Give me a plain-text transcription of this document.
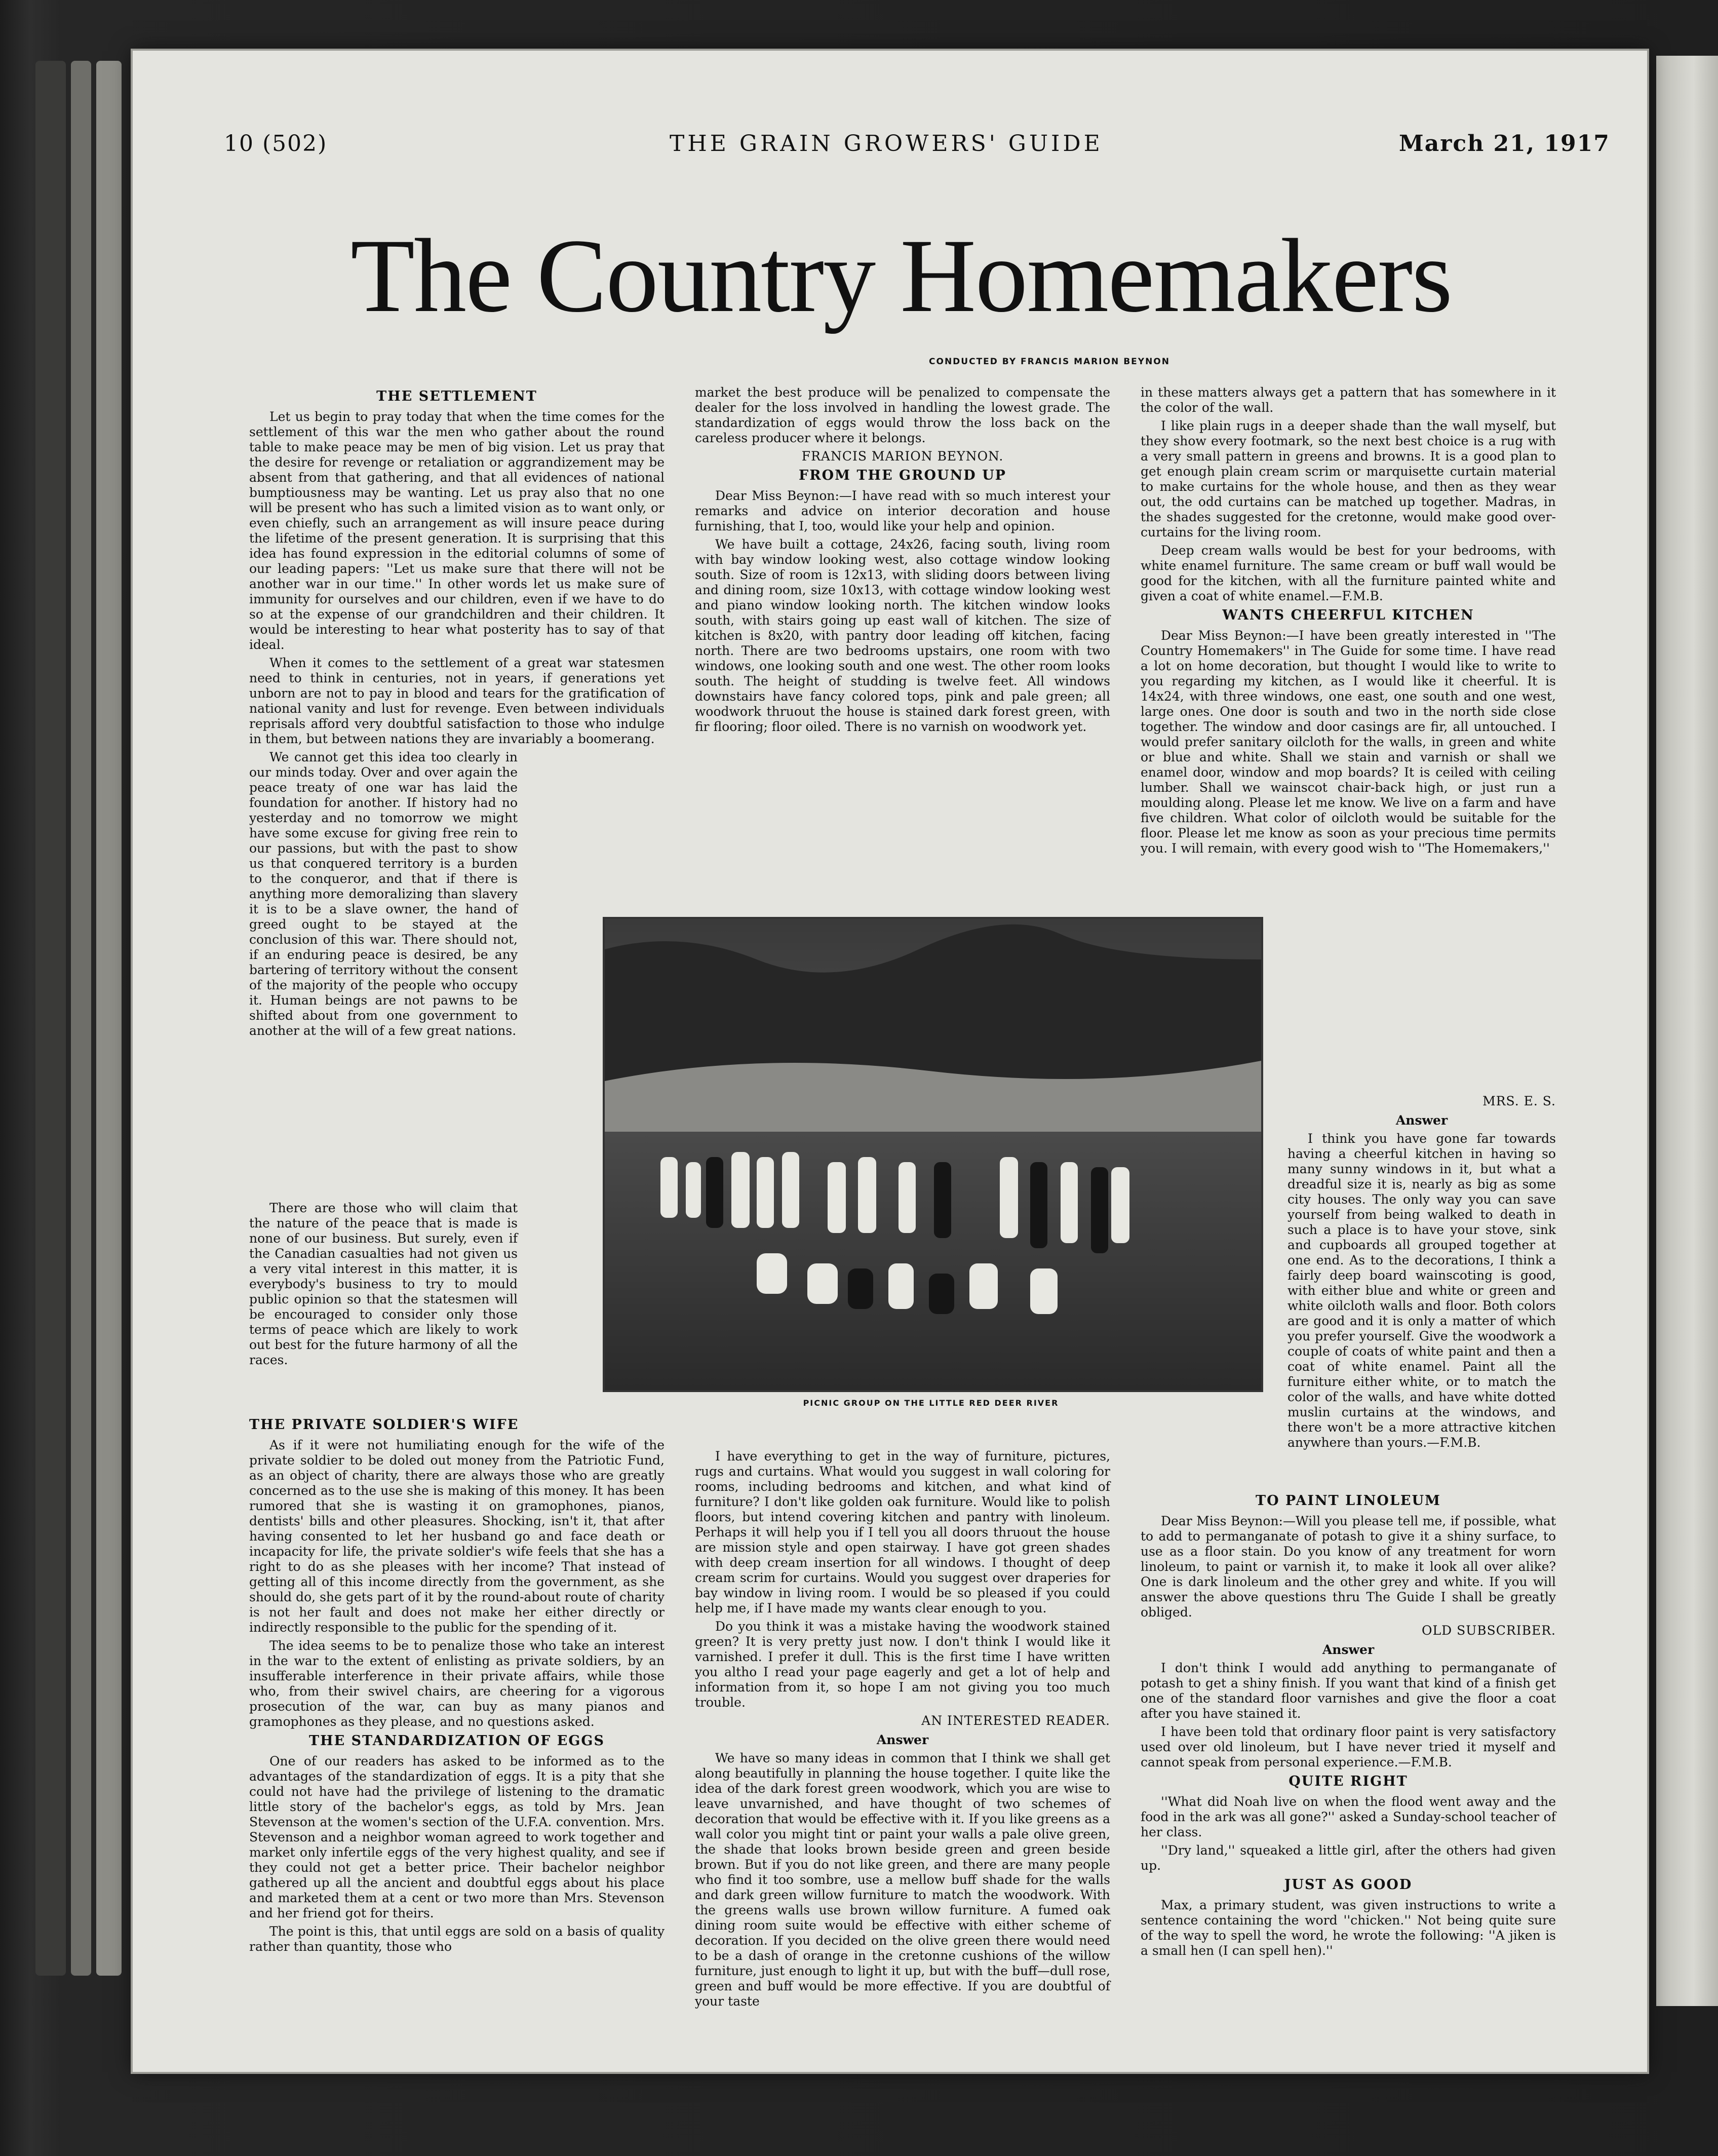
10 (502)	THE GRAIN GROWERS' GUIDE	March 21, 1917
The Country Homemakers
CONDUCTED BY FRANCIS MARION BEYNON
THE SETTLEMENT

Let us begin to pray today that when the time comes for the settlement of this war the men who gather about the round table to make peace may be men of big vision. Let us pray that the desire for revenge or retaliation or aggrandizement may be absent from that gathering, and that all evidences of national bumptiousness may be wanting. Let us pray also that no one will be present who has such a limited vision as to want only, or even chiefly, such an arrangement as will insure peace during the lifetime of the present generation. It is surprising that this idea has found expression in the editorial columns of some of our leading papers: ''Let us make sure that there will not be another war in our time.'' In other words let us make sure of immunity for ourselves and our children, even if we have to do so at the expense of our grandchildren and their children. It would be interesting to hear what posterity has to say of that ideal.

When it comes to the settlement of a great war statesmen need to think in centuries, not in years, if generations yet unborn are not to pay in blood and tears for the gratification of national vanity and lust for revenge. Even between individuals reprisals afford very doubtful satisfaction to those who indulge in them, but between nations they are invariably a boomerang.

We cannot get this idea too clearly in our minds today. Over and over again the peace treaty of one war has laid the foundation for another. If history had no yesterday and no tomorrow we might have some excuse for giving free rein to our passions, but with the past to show us that conquered territory is a burden to the conqueror, and that if there is anything more demoralizing than slavery it is to be a slave owner, the hand of greed ought to be stayed at the conclusion of this war. There should not, if an enduring peace is desired, be any bartering of territory without the consent of the majority of the people who occupy it. Human beings are not pawns to be shifted about from one government to another at the will of a few great nations.

There are those who will claim that the nature of the peace that is made is none of our business. But surely, even if the Canadian casualties had not given us a very vital interest in this matter, it is everybody's business to try to mould public opinion so that the statesmen will be encouraged to consider only those terms of peace which are likely to work out best for the future harmony of all the races.

THE PRIVATE SOLDIER'S WIFE

As if it were not humiliating enough for the wife of the private soldier to be doled out money from the Patriotic Fund, as an object of charity, there are always those who are greatly concerned as to the use she is making of this money. It has been rumored that she is wasting it on gramophones, pianos, dentists' bills and other pleasures. Shocking, isn't it, that after having consented to let her husband go and face death or incapacity for life, the private soldier's wife feels that she has a right to do as she pleases with her income? That instead of getting all of this income directly from the government, as she should do, she gets part of it by the round-about route of charity is not her fault and does not make her either directly or indirectly responsible to the public for the spending of it.

The idea seems to be to penalize those who take an interest in the war to the extent of enlisting as private soldiers, by an insufferable interference in their private affairs, while those who, from their swivel chairs, are cheering for a vigorous prosecution of the war, can buy as many pianos and gramophones as they please, and no questions asked.

THE STANDARDIZATION OF EGGS

One of our readers has asked to be informed as to the advantages of the standardization of eggs. It is a pity that she could not have had the privilege of listening to the dramatic little story of the bachelor's eggs, as told by Mrs. Jean Stevenson at the women's section of the U.F.A. convention. Mrs. Stevenson and a neighbor woman agreed to work together and market only infertile eggs of the very highest quality, and see if they could not get a better price. Their bachelor neighbor gathered up all the ancient and doubtful eggs about his place and marketed them at a cent or two more than Mrs. Stevenson and her friend got for theirs.

The point is this, that until eggs are sold on a basis of quality rather than quantity, those who

market the best produce will be penalized to compensate the dealer for the loss involved in handling the lowest grade. The standardization of eggs would throw the loss back on the careless producer where it belongs.

FRANCIS MARION BEYNON.
FROM THE GROUND UP

Dear Miss Beynon:—I have read with so much interest your remarks and advice on interior decoration and house furnishing, that I, too, would like your help and opinion.

We have built a cottage, 24x26, facing south, living room with bay window looking west, also cottage window looking south. Size of room is 12x13, with sliding doors between living and dining room, size 10x13, with cottage window looking west and piano window looking north. The kitchen window looks south, with stairs going up east wall of kitchen. The size of kitchen is 8x20, with pantry door leading off kitchen, facing north. There are two bedrooms upstairs, one room with two windows, one looking south and one west. The other room looks south. The height of studding is twelve feet. All windows downstairs have fancy colored tops, pink and pale green; all woodwork thruout the house is stained dark forest green, with fir flooring; floor oiled. There is no varnish on woodwork yet.

I have everything to get in the way of furniture, pictures, rugs and curtains. What would you suggest in wall coloring for rooms, including bedrooms and kitchen, and what kind of furniture? I don't like golden oak furniture. Would like to polish floors, but intend covering kitchen and pantry with linoleum. Perhaps it will help you if I tell you all doors thruout the house are mission style and open stairway. I have got green shades with deep cream insertion for all windows. I thought of deep cream scrim for curtains. Would you suggest over draperies for bay window in living room. I would be so pleased if you could help me, if I have made my wants clear enough to you.

Do you think it was a mistake having the woodwork stained green? It is very pretty just now. I don't think I would like it varnished. I prefer it dull. This is the first time I have written you altho I read your page eagerly and get a lot of help and information from it, so hope I am not giving you too much trouble.

AN INTERESTED READER.
Answer

We have so many ideas in common that I think we shall get along beautifully in planning the house together. I quite like the idea of the dark forest green woodwork, which you are wise to leave unvarnished, and have thought of two schemes of decoration that would be effective with it. If you like greens as a wall color you might tint or paint your walls a pale olive green, the shade that looks brown beside green and green beside brown. But if you do not like green, and there are many people who find it too sombre, use a mellow buff shade for the walls and dark green willow furniture to match the woodwork. With the greens walls use brown willow furniture. A fumed oak dining room suite would be effective with either scheme of decoration. If you decided on the olive green there would need to be a dash of orange in the cretonne cushions of the willow furniture, just enough to light it up, but with the buff—dull rose, green and buff would be more effective. If you are doubtful of your taste

in these matters always get a pattern that has somewhere in it the color of the wall.

I like plain rugs in a deeper shade than the wall myself, but they show every footmark, so the next best choice is a rug with a very small pattern in greens and browns. It is a good plan to get enough plain cream scrim or marquisette curtain material to make curtains for the whole house, and then as they wear out, the odd curtains can be matched up together. Madras, in the shades suggested for the cretonne, would make good over-curtains for the living room.

Deep cream walls would be best for your bedrooms, with white enamel furniture. The same cream or buff wall would be good for the kitchen, with all the furniture painted white and given a coat of white enamel.—F.M.B.

WANTS CHEERFUL KITCHEN

Dear Miss Beynon:—I have been greatly interested in ''The Country Homemakers'' in The Guide for some time. I have read a lot on home decoration, but thought I would like to write to you regarding my kitchen, as I would like it cheerful. It is 14x24, with three windows, one east, one south and one west, large ones. One door is south and two in the north side close together. The window and door casings are fir, all untouched. I would prefer sanitary oilcloth for the walls, in green and white or blue and white. Shall we stain and varnish or shall we enamel door, window and mop boards? It is ceiled with ceiling lumber. Shall we wainscot chair-back high, or just run a moulding along. Please let me know. We live on a farm and have five children. What color of oilcloth would be suitable for the floor. Please let me know as soon as your precious time permits you. I will remain, with every good wish to ''The Homemakers,''

MRS. E. S.
Answer

I think you have gone far towards having a cheerful kitchen in having so many sunny windows in it, but what a dreadful size it is, nearly as big as some city houses. The only way you can save yourself from being walked to death in such a place is to have your stove, sink and cupboards all grouped together at one end. As to the decorations, I think a fairly deep board wainscoting is good, with either blue and white or green and white oilcloth walls and floor. Both colors are good and it is only a matter of which you prefer yourself. Give the woodwork a couple of coats of white paint and then a coat of white enamel. Paint all the furniture either white, or to match the color of the walls, and have white dotted muslin curtains at the windows, and there won't be a more attractive kitchen anywhere than yours.—F.M.B.

TO PAINT LINOLEUM

Dear Miss Beynon:—Will you please tell me, if possible, what to add to permanganate of potash to give it a shiny surface, to use as a floor stain. Do you know of any treatment for worn linoleum, to paint or varnish it, to make it look all over alike? One is dark linoleum and the other grey and white. If you will answer the above questions thru The Guide I shall be greatly obliged.

OLD SUBSCRIBER.
Answer

I don't think I would add anything to permanganate of potash to get a shiny finish. If you want that kind of a finish get one of the standard floor varnishes and give the floor a coat after you have stained it.

I have been told that ordinary floor paint is very satisfactory used over old linoleum, but I have never tried it myself and cannot speak from personal experience.—F.M.B.

QUITE RIGHT

''What did Noah live on when the flood went away and the food in the ark was all gone?'' asked a Sunday-school teacher of her class.

''Dry land,'' squeaked a little girl, after the others had given up.

JUST AS GOOD

Max, a primary student, was given instructions to write a sentence containing the word ''chicken.'' Not being quite sure of the way to spell the word, he wrote the following: ''A jiken is a small hen (I can spell hen).''

PICNIC GROUP ON THE LITTLE RED DEER RIVER
